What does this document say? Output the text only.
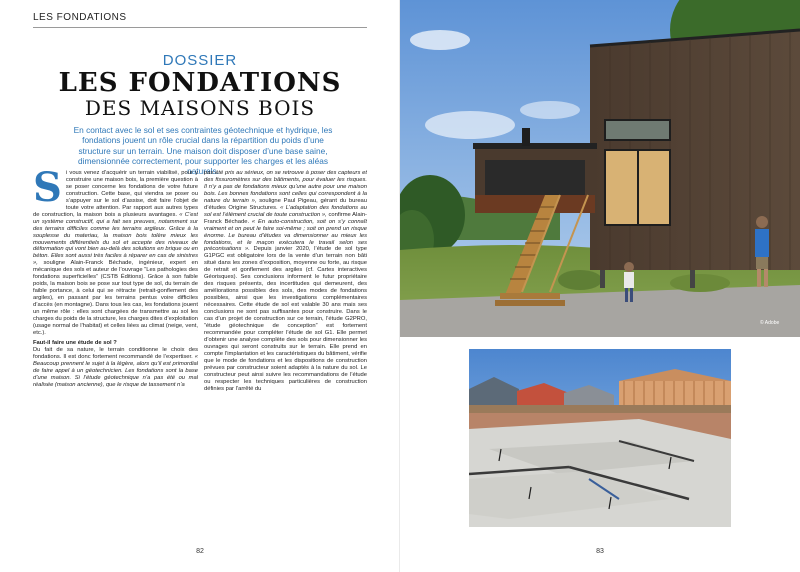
LES FONDATIONS
DOSSIER
LES FONDATIONS
DES MAISONS BOIS
En contact avec le sol et ses contraintes géotechnique et hydrique, les fondations jouent un rôle crucial dans la répartition du poids d’une structure sur un terrain. Une maison doit disposer d’une base saine, dimensionnée correctement, pour supporter les charges et les aléas naturels.

Si vous venez d’acquérir un terrain viabilisé, pour y construire une maison bois, la première question à se poser concerne les fondations de votre future construction. Cette base, qui viendra se poser ou s’appuyer sur le sol d’assise, doit faire l’objet de toute votre attention. Par rapport aux autres types de construction, la maison bois a plusieurs avantages. « C’est un système constructif, qui a fait ses preuves, notamment sur des terrains difficiles comme les terrains argileux. Grâce à la souplesse du materiau, la maison bois tolère mieux les mouvements différentiels du sol et accepte des niveaux de déformation qui vont bien au-delà des solutions en brique ou en béton. Elles sont aussi très faciles à réparer en cas de sinistres », souligne Alain-Franck Béchade, ingénieur, expert en mécanique des sols et auteur de l’ouvrage “Les pathologies des fondations superficielles” (CSTB Éditions). Grâce à son faible poids, la maison bois se pose sur tout type de sol, du terrain de faible portance, à celui qui se rétracte (retrait-gonflement des argiles), en passant par les terrains pentus voire difficiles d’accès (en montagne). Dans tous les cas, les fondations jouent un même rôle : elles sont chargées de transmettre au sol les charges du poids de la structure, les charges dites d’exploitation (usage normal de l’habitat) et celles liées au climat (neige, vent, etc.).

Faut-il faire une étude de sol ?

Du fait de sa nature, le terrain conditionne le choix des fondations. Il est donc fortement recommandé de l’expertiser. « Beaucoup prennent le sujet à la légère, alors qu’il est primordial de faire appel à un géotechnicien. Les fondations sont la base d’une maison. Si l’étude géotechnique n’a pas été ou mal réalisée (maison ancienne), que le risque de tassement n’a

pas été pris au sérieux, on se retrouve à poser des capteurs et des fissuromètres sur des bâtiments, pour évaluer les risques. Il n’y a pas de fondations mieux qu’une autre pour une maison bois. Les bonnes fondations sont celles qui correspondent à la nature du terrain », souligne Paul Pigeau, gérant du bureau d’études Origine Structures. « L’adaptation des fondations au sol est l’élément crucial de toute construction », confirme Alain-Franck Béchade. « En auto-construction, soit on s’y connaît vraiment et on peut le faire soi-même ; soit on prend un risque énorme. Le bureau d’études va dimensionner au mieux les fondations, et le maçon exécutera le travail selon ses préconisations ». Depuis janvier 2020, l’étude de sol type G1PGC est obligatoire lors de la vente d’un terrain non bâti situé dans les zones d’exposition, moyenne ou forte, au risque de retrait et gonflement des argiles (cf. Cartes interactives Géorisques). Ses conclusions informent le futur propriétaire des risques présents, des incertitudes qui demeurent, des améliorations possibles des sols, des modes de fondations possibles, ainsi que les investigations complémentaires nécessaires. Cette étude de sol est valable 30 ans mais ses conclusions ne sont pas suffisantes pour construire. Dans le cas d’un projet de construction sur ce terrain, l’étude G2PRO, “étude géotechnique de conception” est fortement recommandée pour compléter l’étude de sol G1. Elle permet d’obtenir une analyse complète des sols pour dimensionner les ouvrages qui seront construits sur le terrain. Elle prend en compte l’implantation et les caractéristiques du bâtiment, vérifie que le mode de fondations et les dispositions de construction prévues par constructeur soient adaptés à la nature du sol. Le constructeur peut ainsi suivre les recommandations de l’étude ou respecter les techniques particulières de construction définies par l’arrêté du

82
© Adobe
83
